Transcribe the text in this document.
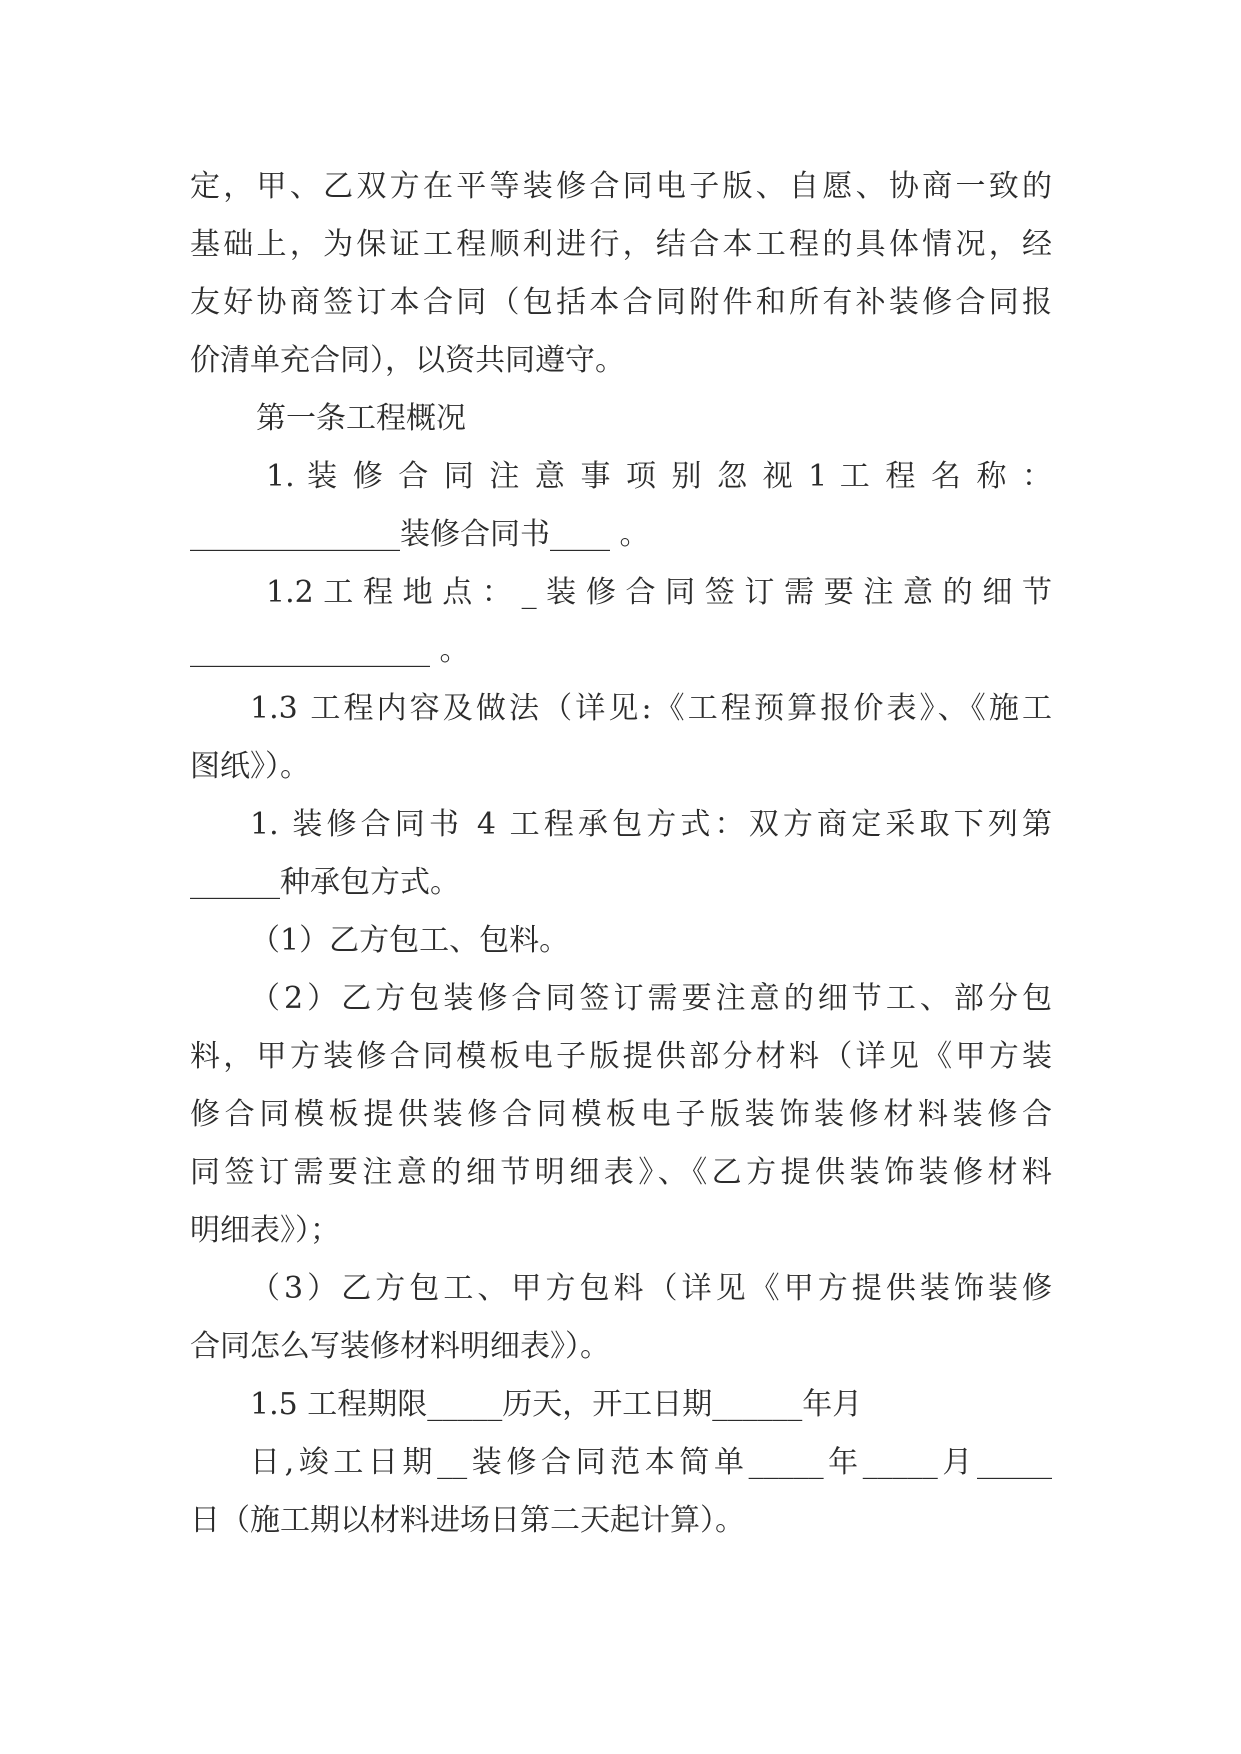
定，甲、乙双方在平等装修合同电子版、自愿、协商一致的
基础上，为保证工程顺利进行，结合本工程的具体情况，经
友好协商签订本合同（包括本合同附件和所有补装修合同报
价清单充合同），以资共同遵守。
第一条工程概况
1. 装 修 合 同 注 意 事 项 别 忽 视 1 工 程 名 称 ：
______________装修合同书____ 。
1.2 工 程 地 点 ： _ 装 修 合 同 签 订 需 要 注 意 的 细 节
________________ 。
1.3 工程内容及做法（详见:《工程预算报价表》、《施工
图纸》）。
1. 装修合同书 4 工程承包方式：双方商定采取下列第
______种承包方式。
（1）乙方包工、包料。
（2）乙方包装修合同签订需要注意的细节工、部分包
料，甲方装修合同模板电子版提供部分材料（详见《甲方装
修合同模板提供装修合同模板电子版装饰装修材料装修合
同签订需要注意的细节明细表》、《乙方提供装饰装修材料
明细表》）；
（3）乙方包工、甲方包料（详见《甲方提供装饰装修
合同怎么写装修材料明细表》）。
1.5 工程期限_____历天，开工日期______年月
日,竣工日期__装修合同范本简单_____年_____月_____
日（施工期以材料进场日第二天起计算）。
